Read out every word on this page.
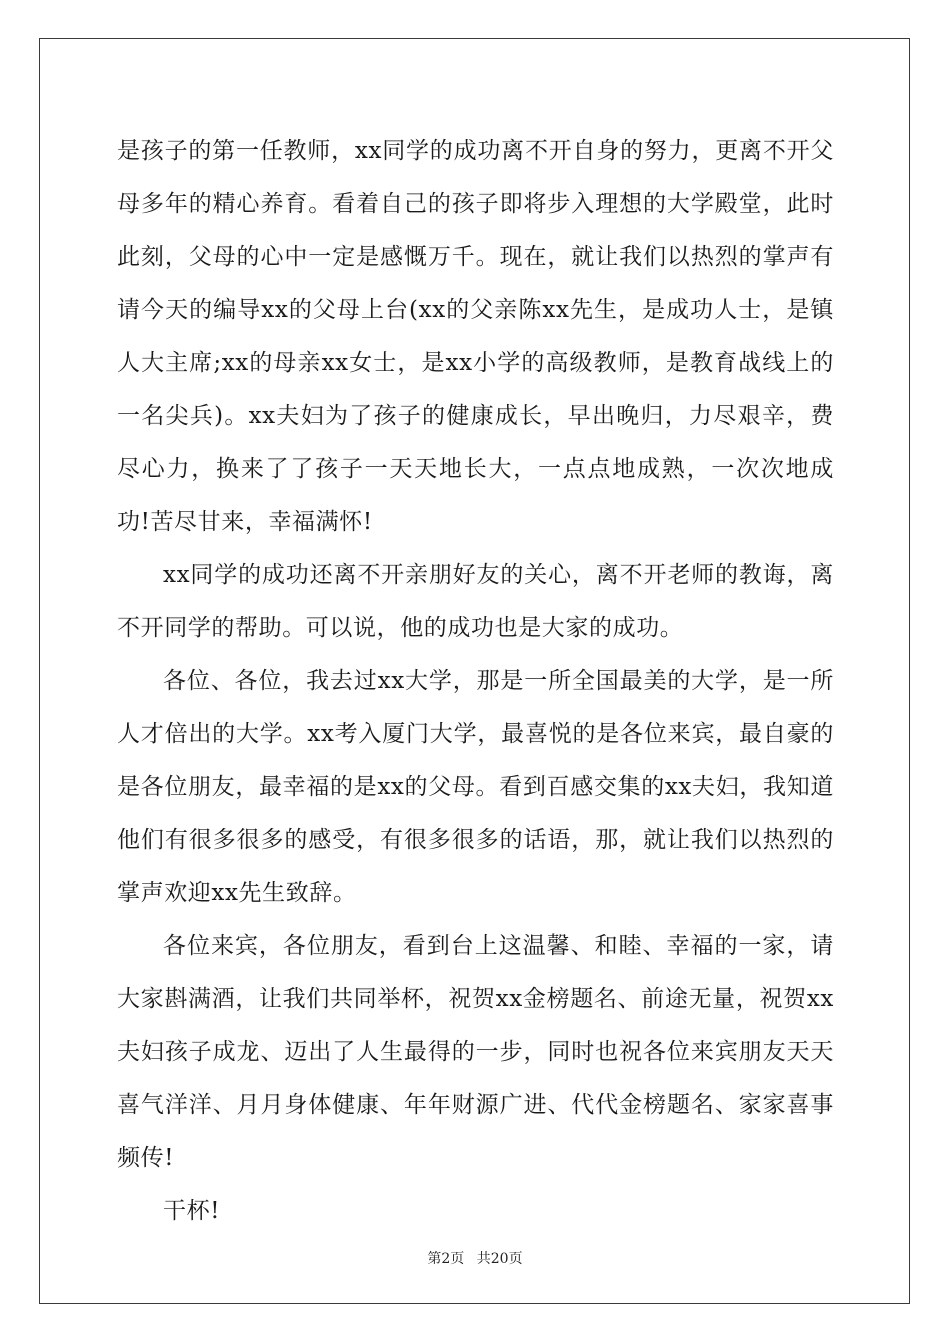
是孩子的第一任教师，xx同学的成功离不开自身的努力，更离不开父母多年的精心养育。看着自己的孩子即将步入理想的大学殿堂，此时此刻，父母的心中一定是感慨万千。现在，就让我们以热烈的掌声有请今天的编导xx的父母上台(xx的父亲陈xx先生，是成功人士，是镇人大主席;xx的母亲xx女士，是xx小学的高级教师，是教育战线上的一名尖兵)。xx夫妇为了孩子的健康成长，早出晚归，力尽艰辛，费尽心力，换来了了孩子一天天地长大，一点点地成熟，一次次地成功!苦尽甘来，幸福满怀!

xx同学的成功还离不开亲朋好友的关心，离不开老师的教诲，离不开同学的帮助。可以说，他的成功也是大家的成功。

各位、各位，我去过xx大学，那是一所全国最美的大学，是一所人才倍出的大学。xx考入厦门大学，最喜悦的是各位来宾，最自豪的是各位朋友，最幸福的是xx的父母。看到百感交集的xx夫妇，我知道他们有很多很多的感受，有很多很多的话语，那，就让我们以热烈的掌声欢迎xx先生致辞。

各位来宾，各位朋友，看到台上这温馨、和睦、幸福的一家，请大家斟满酒，让我们共同举杯，祝贺xx金榜题名、前途无量，祝贺xx夫妇孩子成龙、迈出了人生最得的一步，同时也祝各位来宾朋友天天喜气洋洋、月月身体健康、年年财源广进、代代金榜题名、家家喜事频传!

干杯!

第2页 共20页
